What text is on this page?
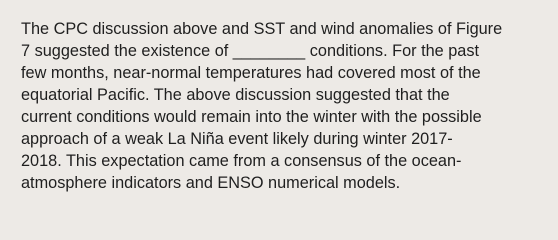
The CPC discussion above and SST and wind anomalies of Figure
7 suggested the existence of ________ conditions. For the past
few months, near-normal temperatures had covered most of the
equatorial Pacific. The above discussion suggested that the
current conditions would remain into the winter with the possible
approach of a weak La Niña event likely during winter 2017-
2018. This expectation came from a consensus of the ocean-
atmosphere indicators and ENSO numerical models.
